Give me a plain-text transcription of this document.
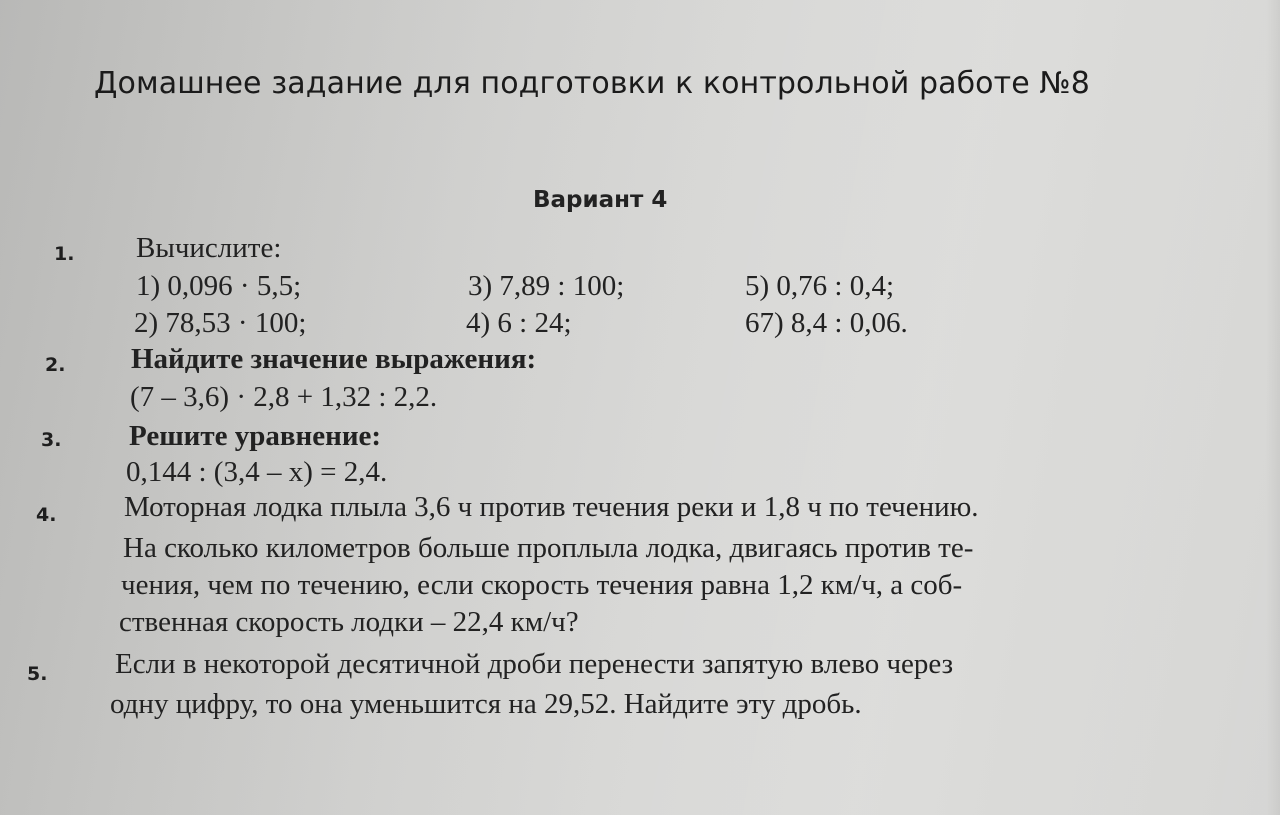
Домашнее задание для подготовки к контрольной работе №8
Вариант 4
1. Вычислите:
1) 0,096 · 5,5;	3) 7,89 : 100;	5) 0,76 : 0,4;
2) 78,53 · 100;	4) 6 : 24;	67) 8,4 : 0,06.
2. Найдите значение выражения:
(7 – 3,6) · 2,8 + 1,32 : 2,2.
3. Решите уравнение:
0,144 : (3,4 – x) = 2,4.
4. Моторная лодка плыла 3,6 ч против течения реки и 1,8 ч по течению.
На сколько километров больше проплыла лодка, двигаясь против те-
чения, чем по течению, если скорость течения равна 1,2 км/ч, а соб-
ственная скорость лодки – 22,4 км/ч?
5. Если в некоторой десятичной дроби перенести запятую влево через
одну цифру, то она уменьшится на 29,52. Найдите эту дробь.
